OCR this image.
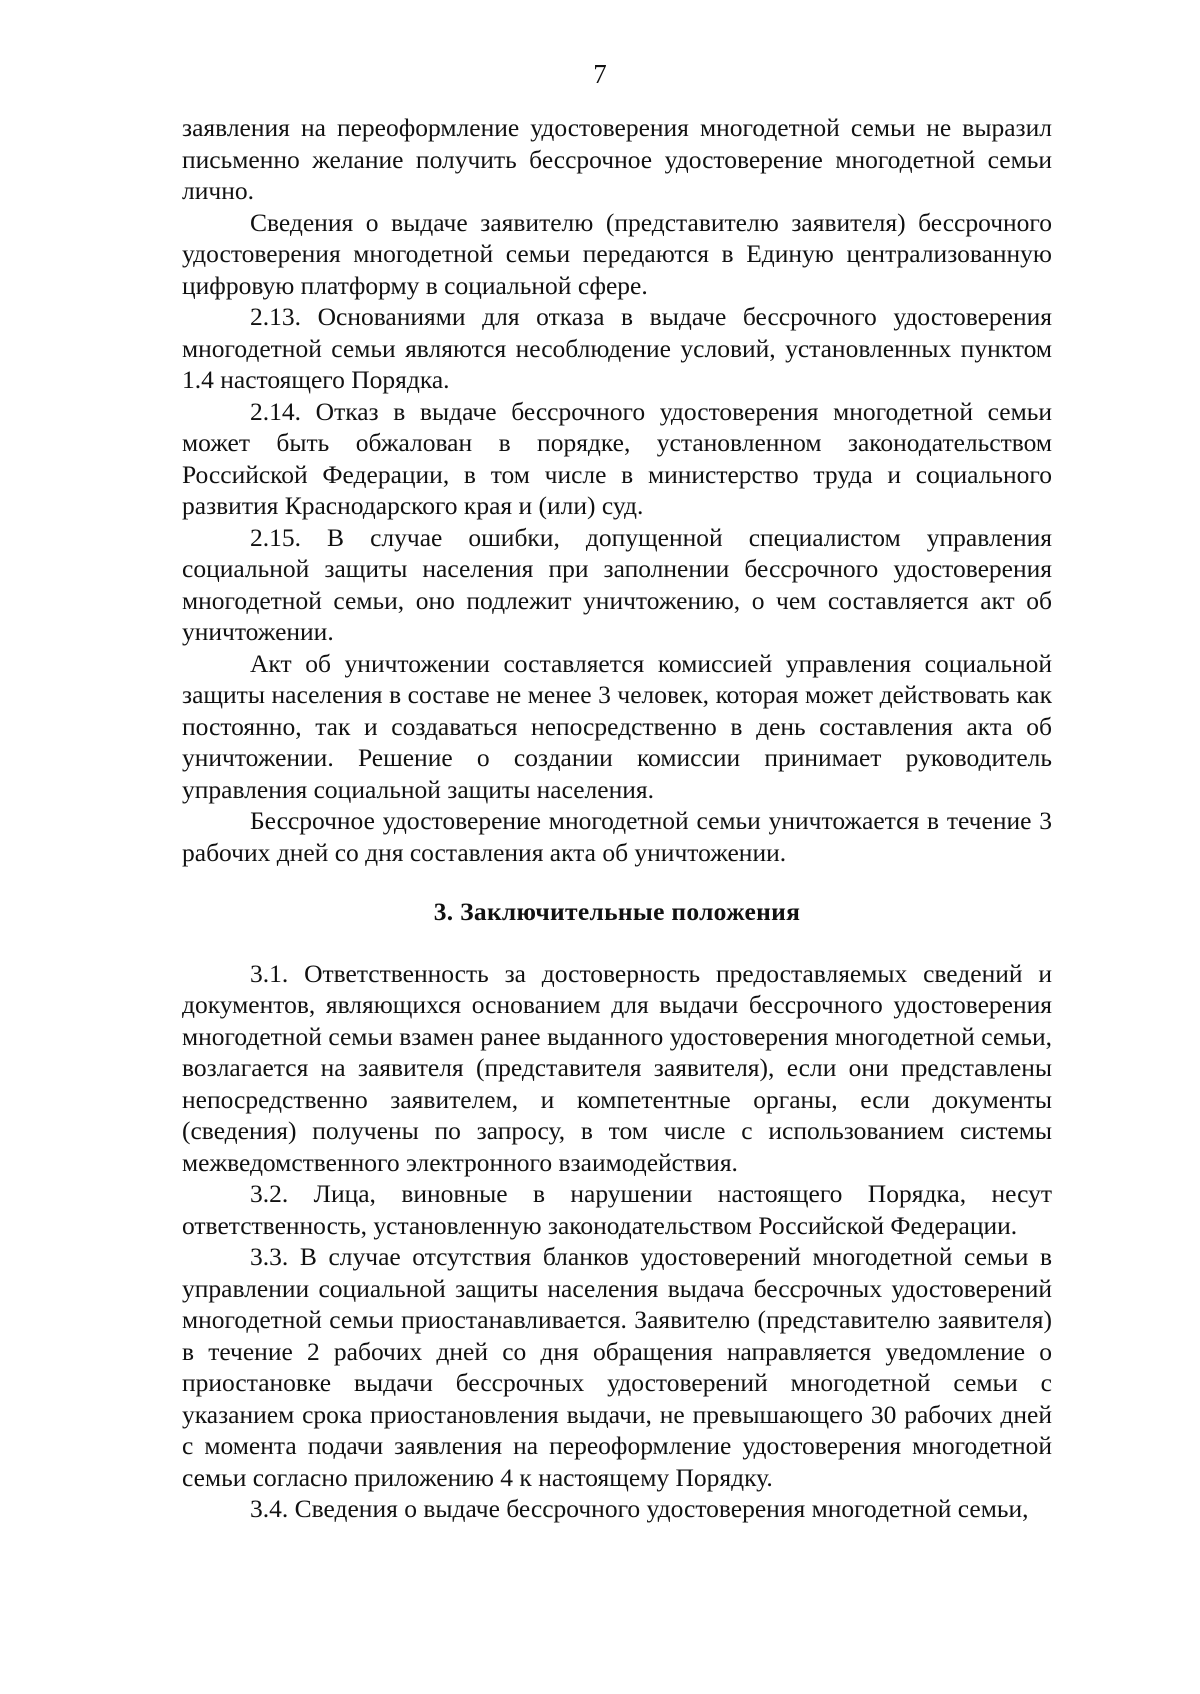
7

заявления на переоформление удостоверения многодетной семьи не выразил письменно желание получить бессрочное удостоверение многодетной семьи лично.

Сведения о выдаче заявителю (представителю заявителя) бессрочного удостоверения многодетной семьи передаются в Единую централизованную цифровую платформу в социальной сфере.

2.13. Основаниями для отказа в выдаче бессрочного удостоверения многодетной семьи являются несоблюдение условий, установленных пунктом 1.4 настоящего Порядка.

2.14. Отказ в выдаче бессрочного удостоверения многодетной семьи может быть обжалован в порядке, установленном законодательством Российской Федерации, в том числе в министерство труда и социального развития Краснодарского края и (или) суд.

2.15. В случае ошибки, допущенной специалистом управления социальной защиты населения при заполнении бессрочного удостоверения многодетной семьи, оно подлежит уничтожению, о чем составляется акт об уничтожении.

Акт об уничтожении составляется комиссией управления социальной защиты населения в составе не менее 3 человек, которая может действовать как постоянно, так и создаваться непосредственно в день составления акта об уничтожении. Решение о создании комиссии принимает руководитель управления социальной защиты населения.

Бессрочное удостоверение многодетной семьи уничтожается в течение 3 рабочих дней со дня составления акта об уничтожении.

3. Заключительные положения

3.1. Ответственность за достоверность предоставляемых сведений и документов, являющихся основанием для выдачи бессрочного удостоверения многодетной семьи взамен ранее выданного удостоверения многодетной семьи, возлагается на заявителя (представителя заявителя), если они представлены непосредственно заявителем, и компетентные органы, если документы (сведения) получены по запросу, в том числе с использованием системы межведомственного электронного взаимодействия.

3.2. Лица, виновные в нарушении настоящего Порядка, несут ответственность, установленную законодательством Российской Федерации.

3.3. В случае отсутствия бланков удостоверений многодетной семьи в управлении социальной защиты населения выдача бессрочных удостоверений многодетной семьи приостанавливается. Заявителю (представителю заявителя) в течение 2 рабочих дней со дня обращения направляется уведомление о приостановке выдачи бессрочных удостоверений многодетной семьи с указанием срока приостановления выдачи, не превышающего 30 рабочих дней с момента подачи заявления на переоформление удостоверения многодетной семьи согласно приложению 4 к настоящему Порядку.

3.4. Сведения о выдаче бессрочного удостоверения многодетной семьи,
